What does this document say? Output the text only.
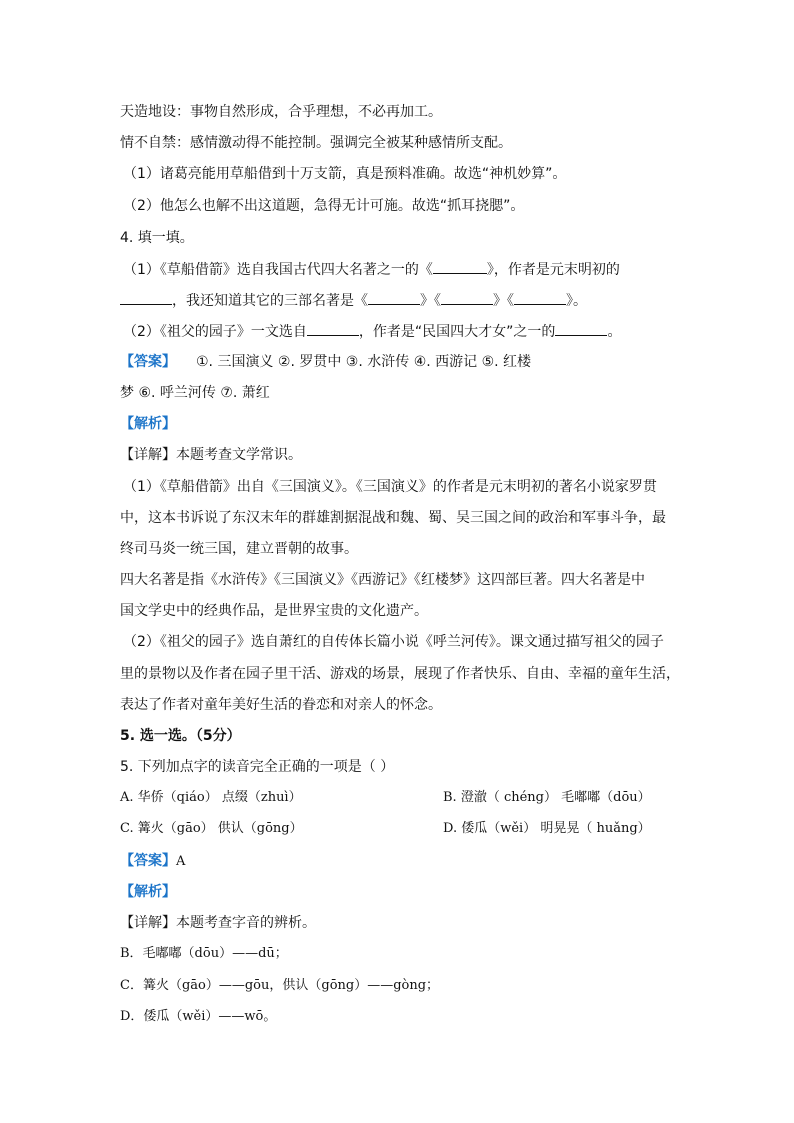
天造地设：事物自然形成，合乎理想，不必再加工。
情不自禁：感情激动得不能控制。强调完全被某种感情所支配。
（1）诸葛亮能用草船借到十万支箭，真是预料准确。故选“神机妙算”。
（2）他怎么也解不出这道题，急得无计可施。故选“抓耳挠腮”。
4. 填一填。
（1）《草船借箭》选自我国古代四大名著之一的《	》，作者是元末明初的
，我还知道其它的三部名著是《	》《	》《	》。
（2）《祖父的园子》一文选自	，作者是“民国四大才女”之一的	。
【答案】 ①. 三国演义 ②. 罗贯中 ③. 水浒传 ④. 西游记 ⑤. 红楼
梦 ⑥. 呼兰河传 ⑦. 萧红
【解析】
【详解】本题考查文学常识。
（1）《草船借箭》出自《三国演义》。《三国演义》的作者是元末明初的著名小说家罗贯
中，这本书诉说了东汉末年的群雄割据混战和魏、蜀、吴三国之间的政治和军事斗争，最
终司马炎一统三国，建立晋朝的故事。
四大名著是指《水浒传》《三国演义》《西游记》《红楼梦》这四部巨著。四大名著是中
国文学史中的经典作品，是世界宝贵的文化遗产。
（2）《祖父的园子》选自萧红的自传体长篇小说《呼兰河传》。课文通过描写祖父的园子
里的景物以及作者在园子里干活、游戏的场景，展现了作者快乐、自由、幸福的童年生活，
表达了作者对童年美好生活的眷恋和对亲人的怀念。
5. 选一选。（5分）
5. 下列加点字的读音完全正确的一项是（ ）
A. 华侨（qiáo） 点缀（zhuì）	B. 澄澈（ chéng） 毛嘟嘟（dōu）
C. 篝火（gāo） 供认（gōng）	D. 倭瓜（wěi） 明晃晃（ huǎng）
【答案】A
【解析】
【详解】本题考查字音的辨析。
B．毛嘟嘟（dōu）——dū；
C．篝火（gāo）——gōu，供认（gōng）——gòng；
D．倭瓜（wěi）——wō。
